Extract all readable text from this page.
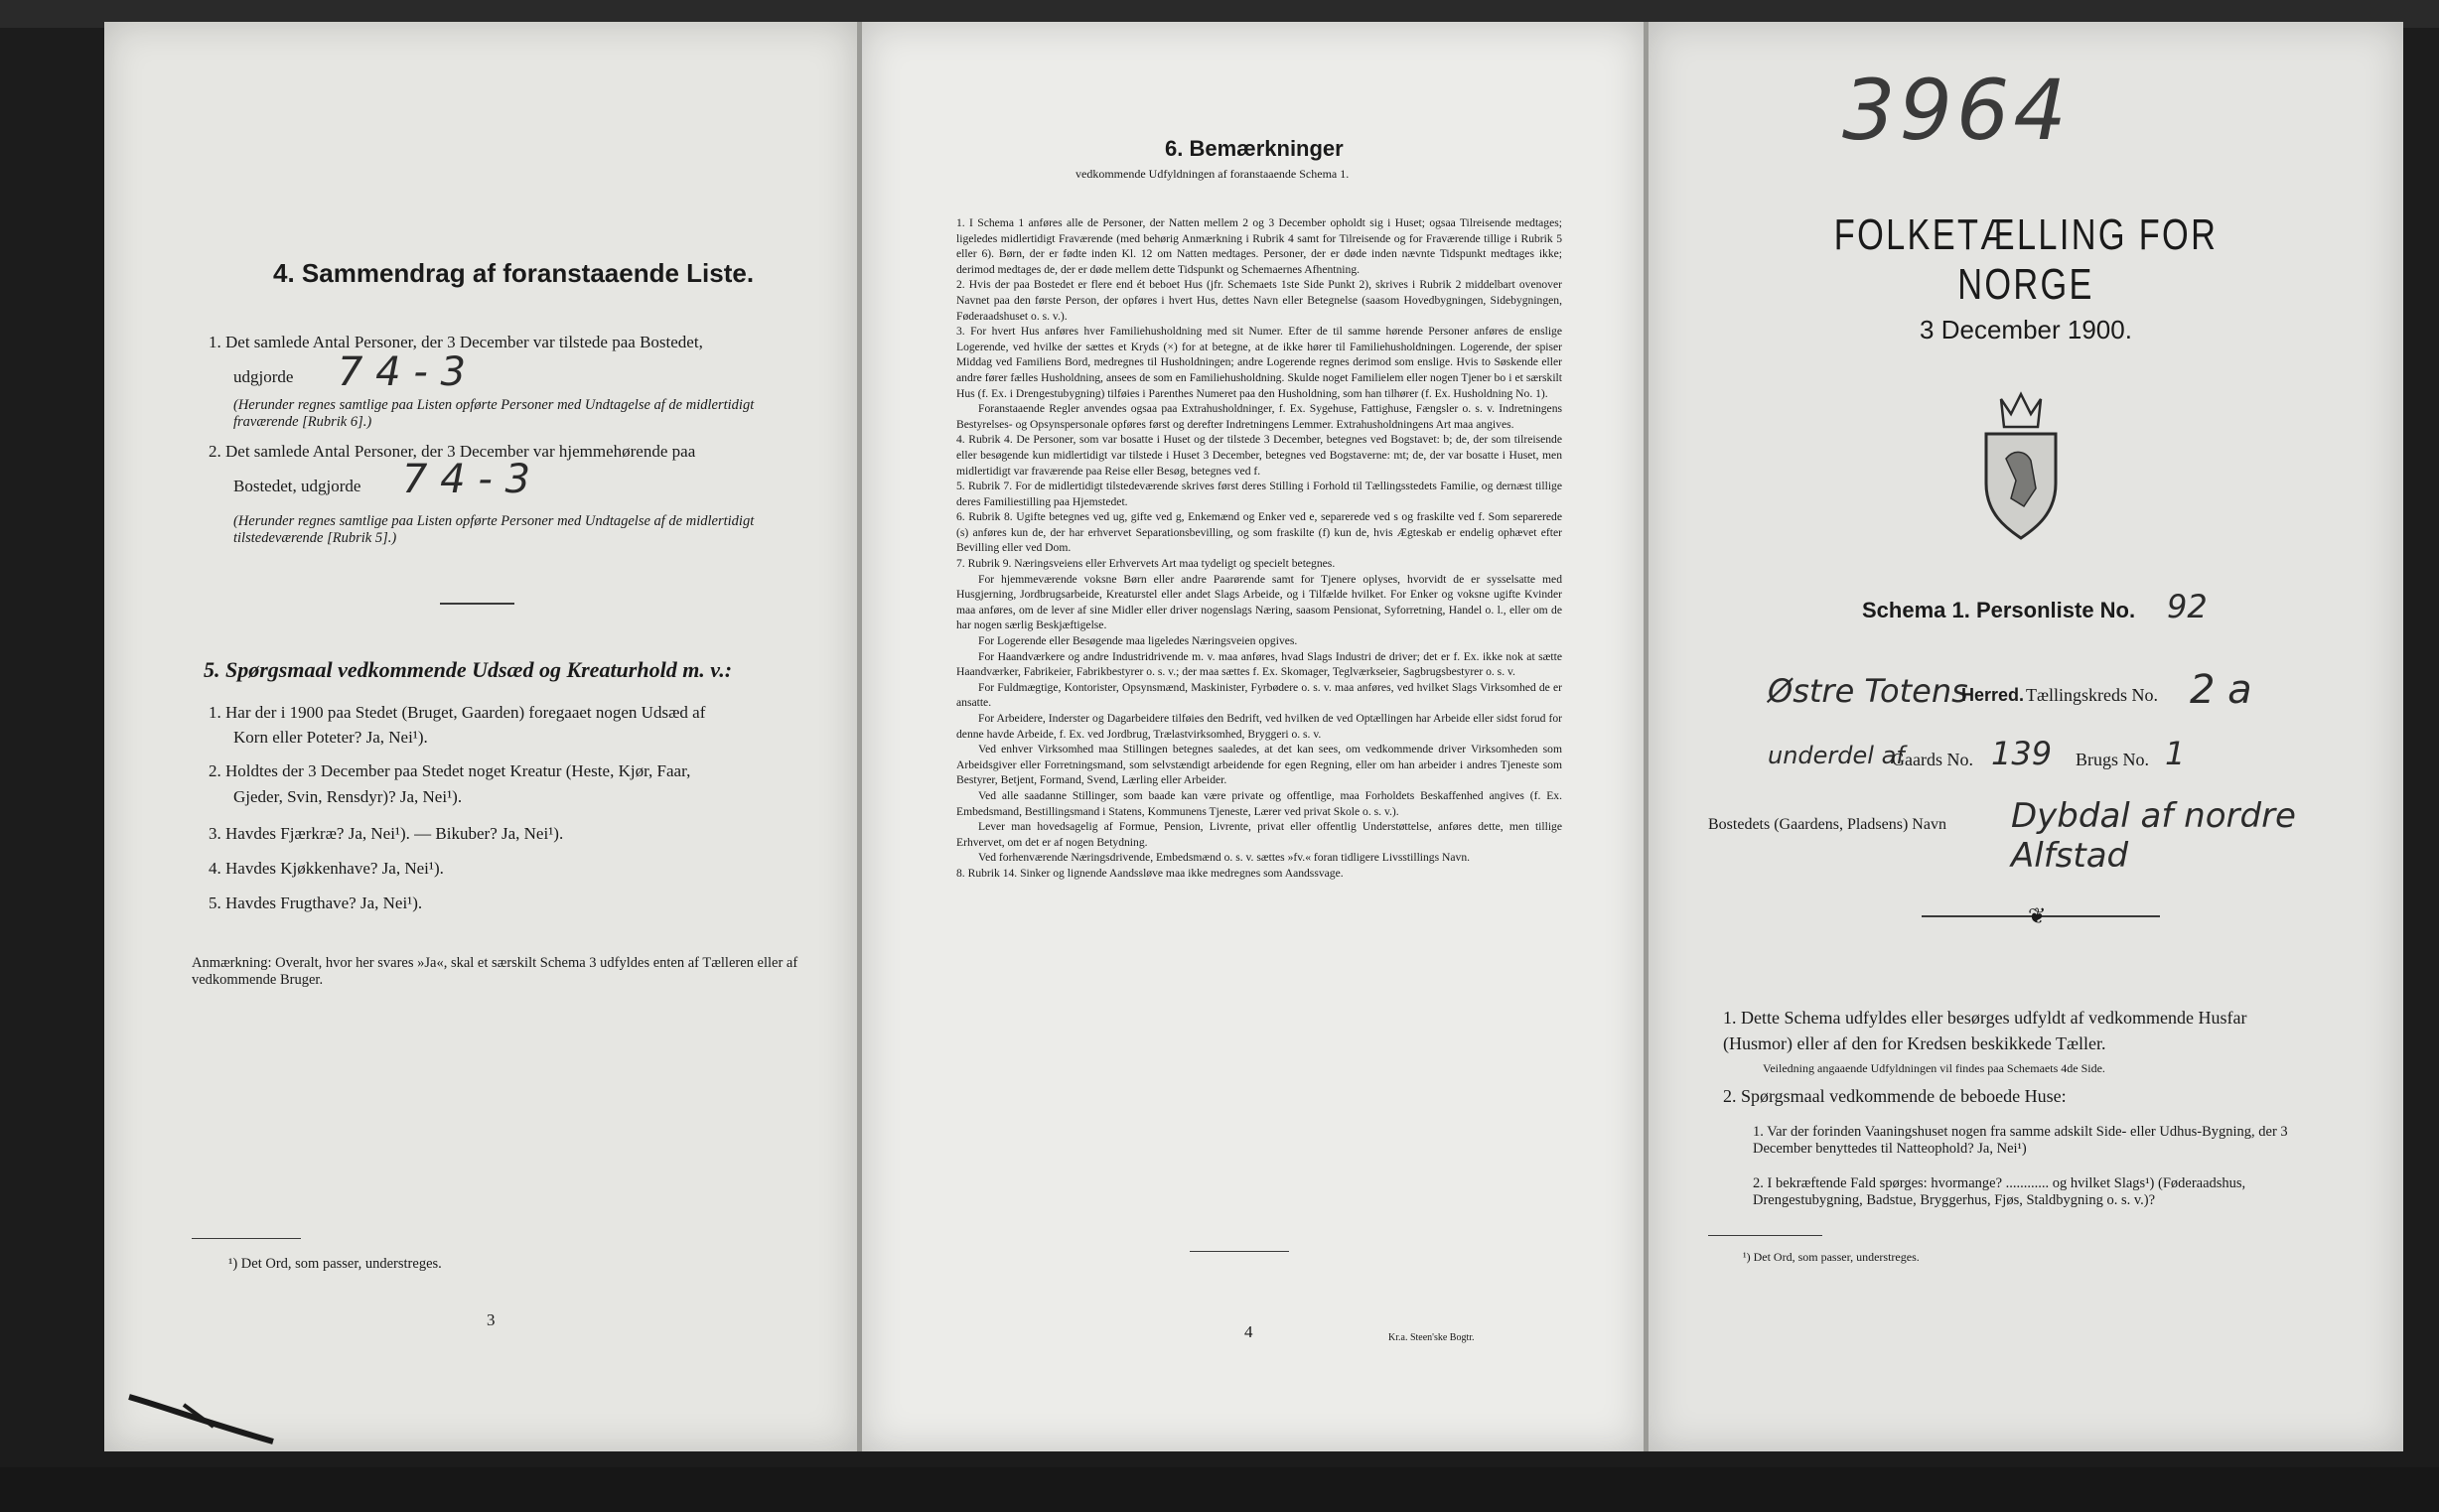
4. Sammendrag af foranstaaende Liste.
1. Det samlede Antal Personer, der 3 December var tilstede paa Bostedet,
udgjorde 7 4 - 3
(Herunder regnes samtlige paa Listen opførte Personer med Undtagelse af de midlertidigt fraværende [Rubrik 6].)
2. Det samlede Antal Personer, der 3 December var hjemmehørende paa
Bostedet, udgjorde 7 4 - 3
(Herunder regnes samtlige paa Listen opførte Personer med Undtagelse af de midlertidigt tilstedeværende [Rubrik 5].)
5. Spørgsmaal vedkommende Udsæd og Kreaturhold m. v.:
1. Har der i 1900 paa Stedet (Bruget, Gaarden) foregaaet nogen Udsæd af
Korn eller Poteter? Ja, Nei¹).
2. Holdtes der 3 December paa Stedet noget Kreatur (Heste, Kjør, Faar,
Gjeder, Svin, Rensdyr)? Ja, Nei¹).
3. Havdes Fjærkræ? Ja, Nei¹). — Bikuber? Ja, Nei¹).
4. Havdes Kjøkkenhave? Ja, Nei¹).
5. Havdes Frugthave? Ja, Nei¹).
Anmærkning: Overalt, hvor her svares »Ja«, skal et særskilt Schema 3 udfyldes enten af Tælleren eller af vedkommende Bruger.
¹) Det Ord, som passer, understreges.
3
6. Bemærkninger
vedkommende Udfyldningen af foranstaaende Schema 1.

1. I Schema 1 anføres alle de Personer, der Natten mellem 2 og 3 December opholdt sig i Huset; ogsaa Tilreisende medtages; ligeledes midlertidigt Fraværende (med behørig Anmærkning i Rubrik 4 samt for Tilreisende og for Fraværende tillige i Rubrik 5 eller 6). Børn, der er fødte inden Kl. 12 om Natten medtages. Personer, der er døde inden nævnte Tidspunkt medtages ikke; derimod medtages de, der er døde mellem dette Tidspunkt og Schemaernes Afhentning.

2. Hvis der paa Bostedet er flere end ét beboet Hus (jfr. Schemaets 1ste Side Punkt 2), skrives i Rubrik 2 middelbart ovenover Navnet paa den første Person, der opføres i hvert Hus, dettes Navn eller Betegnelse (saasom Hovedbygningen, Sidebygningen, Føderaadshuset o. s. v.).

3. For hvert Hus anføres hver Familiehusholdning med sit Numer. Efter de til samme hørende Personer anføres de enslige Logerende, ved hvilke der sættes et Kryds (×) for at betegne, at de ikke hører til Familiehusholdningen. Logerende, der spiser Middag ved Familiens Bord, medregnes til Husholdningen; andre Logerende regnes derimod som enslige. Hvis to Søskende eller andre fører fælles Husholdning, ansees de som en Familiehusholdning. Skulde noget Familielem eller nogen Tjener bo i et særskilt Hus (f. Ex. i Drengestubygning) tilføies i Parenthes Numeret paa den Husholdning, som han tilhører (f. Ex. Husholdning No. 1).

Foranstaaende Regler anvendes ogsaa paa Extrahusholdninger, f. Ex. Sygehuse, Fattighuse, Fængsler o. s. v. Indretningens Bestyrelses- og Opsynspersonale opføres først og derefter Indretningens Lemmer. Extrahusholdningens Art maa angives.

4. Rubrik 4. De Personer, som var bosatte i Huset og der tilstede 3 December, betegnes ved Bogstavet: b; de, der som tilreisende eller besøgende kun midlertidigt var tilstede i Huset 3 December, betegnes ved Bogstaverne: mt; de, der var bosatte i Huset, men midlertidigt var fraværende paa Reise eller Besøg, betegnes ved f.

5. Rubrik 7. For de midlertidigt tilstedeværende skrives først deres Stilling i Forhold til Tællingsstedets Familie, og dernæst tillige deres Familiestilling paa Hjemstedet.

6. Rubrik 8. Ugifte betegnes ved ug, gifte ved g, Enkemænd og Enker ved e, separerede ved s og fraskilte ved f. Som separerede (s) anføres kun de, der har erhvervet Separationsbevilling, og som fraskilte (f) kun de, hvis Ægteskab er endelig ophævet efter Bevilling eller ved Dom.

7. Rubrik 9. Næringsveiens eller Erhvervets Art maa tydeligt og specielt betegnes.

For hjemmeværende voksne Børn eller andre Paarørende samt for Tjenere oplyses, hvorvidt de er sysselsatte med Husgjerning, Jordbrugsarbeide, Kreaturstel eller andet Slags Arbeide, og i Tilfælde hvilket. For Enker og voksne ugifte Kvinder maa anføres, om de lever af sine Midler eller driver nogenslags Næring, saasom Pensionat, Syforretning, Handel o. l., eller om de har nogen særlig Beskjæftigelse.

For Logerende eller Besøgende maa ligeledes Næringsveien opgives.

For Haandværkere og andre Industridrivende m. v. maa anføres, hvad Slags Industri de driver; det er f. Ex. ikke nok at sætte Haandværker, Fabrikeier, Fabrikbestyrer o. s. v.; der maa sættes f. Ex. Skomager, Teglværkseier, Sagbrugsbestyrer o. s. v.

For Fuldmægtige, Kontorister, Opsynsmænd, Maskinister, Fyrbødere o. s. v. maa anføres, ved hvilket Slags Virksomhed de er ansatte.

For Arbeidere, Inderster og Dagarbeidere tilføies den Bedrift, ved hvilken de ved Optællingen har Arbeide eller sidst forud for denne havde Arbeide, f. Ex. ved Jordbrug, Trælastvirksomhed, Bryggeri o. s. v.

Ved enhver Virksomhed maa Stillingen betegnes saaledes, at det kan sees, om vedkommende driver Virksomheden som Arbeidsgiver eller Forretningsmand, som selvstændigt arbeidende for egen Regning, eller om han arbeider i andres Tjeneste som Bestyrer, Betjent, Formand, Svend, Lærling eller Arbeider.

Ved alle saadanne Stillinger, som baade kan være private og offentlige, maa Forholdets Beskaffenhed angives (f. Ex. Embedsmand, Bestillingsmand i Statens, Kommunens Tjeneste, Lærer ved privat Skole o. s. v.).

Lever man hovedsagelig af Formue, Pension, Livrente, privat eller offentlig Understøttelse, anføres dette, men tillige Erhvervet, om det er af nogen Betydning.

Ved forhenværende Næringsdrivende, Embedsmænd o. s. v. sættes »fv.« foran tidligere Livsstillings Navn.

8. Rubrik 14. Sinker og lignende Aandssløve maa ikke medregnes som Aandssvage.

4	Kr.a. Steen'ske Bogtr.
3964
FOLKETÆLLING FOR NORGE
3 December 1900.
Schema 1. Personliste No. 92
Østre Totens
Herred. Tællingskreds No. 2 a
underdel af
Gaards No. 139 Brugs No. 1
Bostedets (Gaardens, Pladsens) Navn Dybdal af nordre Alfstad
❦
1. Dette Schema udfyldes eller besørges udfyldt af vedkommende Husfar (Husmor) eller af den for Kredsen beskikkede Tæller.
Veiledning angaaende Udfyldningen vil findes paa Schemaets 4de Side.
2. Spørgsmaal vedkommende de beboede Huse:
1. Var der forinden Vaaningshuset nogen fra samme adskilt Side- eller Udhus-Bygning, der 3 December benyttedes til Natteophold? Ja, Nei¹)
2. I bekræftende Fald spørges: hvormange? ............ og hvilket Slags¹) (Føderaadshus, Drengestubygning, Badstue, Bryggerhus, Fjøs, Staldbygning o. s. v.)?
¹) Det Ord, som passer, understreges.
